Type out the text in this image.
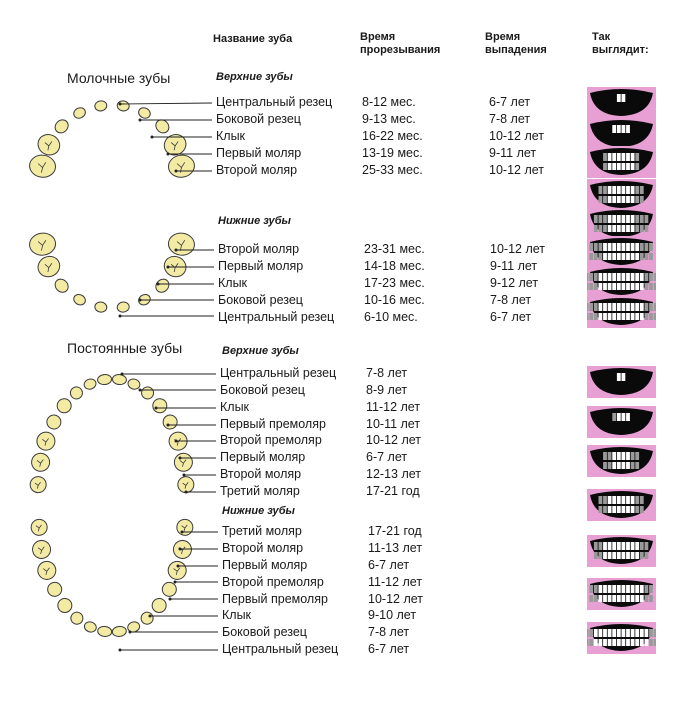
Название зуба	Время
прорезывания
Время
выпадения
Так
выглядит:
Молочные зубы
Постоянные зубы
Верхние зубы
Нижние зубы
Верхние зубы
Нижние зубы
Центральный резец 8-12 мес.	6-7 лет
Боковой резец	9-13 мес.	7-8 лет
Клык	16-22 мес.	10-12 лет
Первый моляр	13-19 мес.	9-11 лет
Второй моляр	25-33 мес.	10-12 лет
Второй моляр	23-31 мес.	10-12 лет
Первый моляр	14-18 мес.	9-11 лет
Клык	17-23 мес.	9-12 лет
Боковой резец	10-16 мес.	7-8 лет
Центральный резец 6-10 мес.	6-7 лет
Центральный резец 7-8 лет
Боковой резец	8-9 лет
Клык	11-12 лет
Первый премоляр	10-11 лет
Второй премоляр	10-12 лет
Первый моляр	6-7 лет
Второй моляр	12-13 лет
Третий моляр	17-21 год
Третий моляр	17-21 год
Второй моляр	11-13 лет
Первый моляр	6-7 лет
Второй премоляр	11-12 лет
Первый премоляр	10-12 лет
Клык	9-10 лет
Боковой резец	7-8 лет
Центральный резец 6-7 лет
